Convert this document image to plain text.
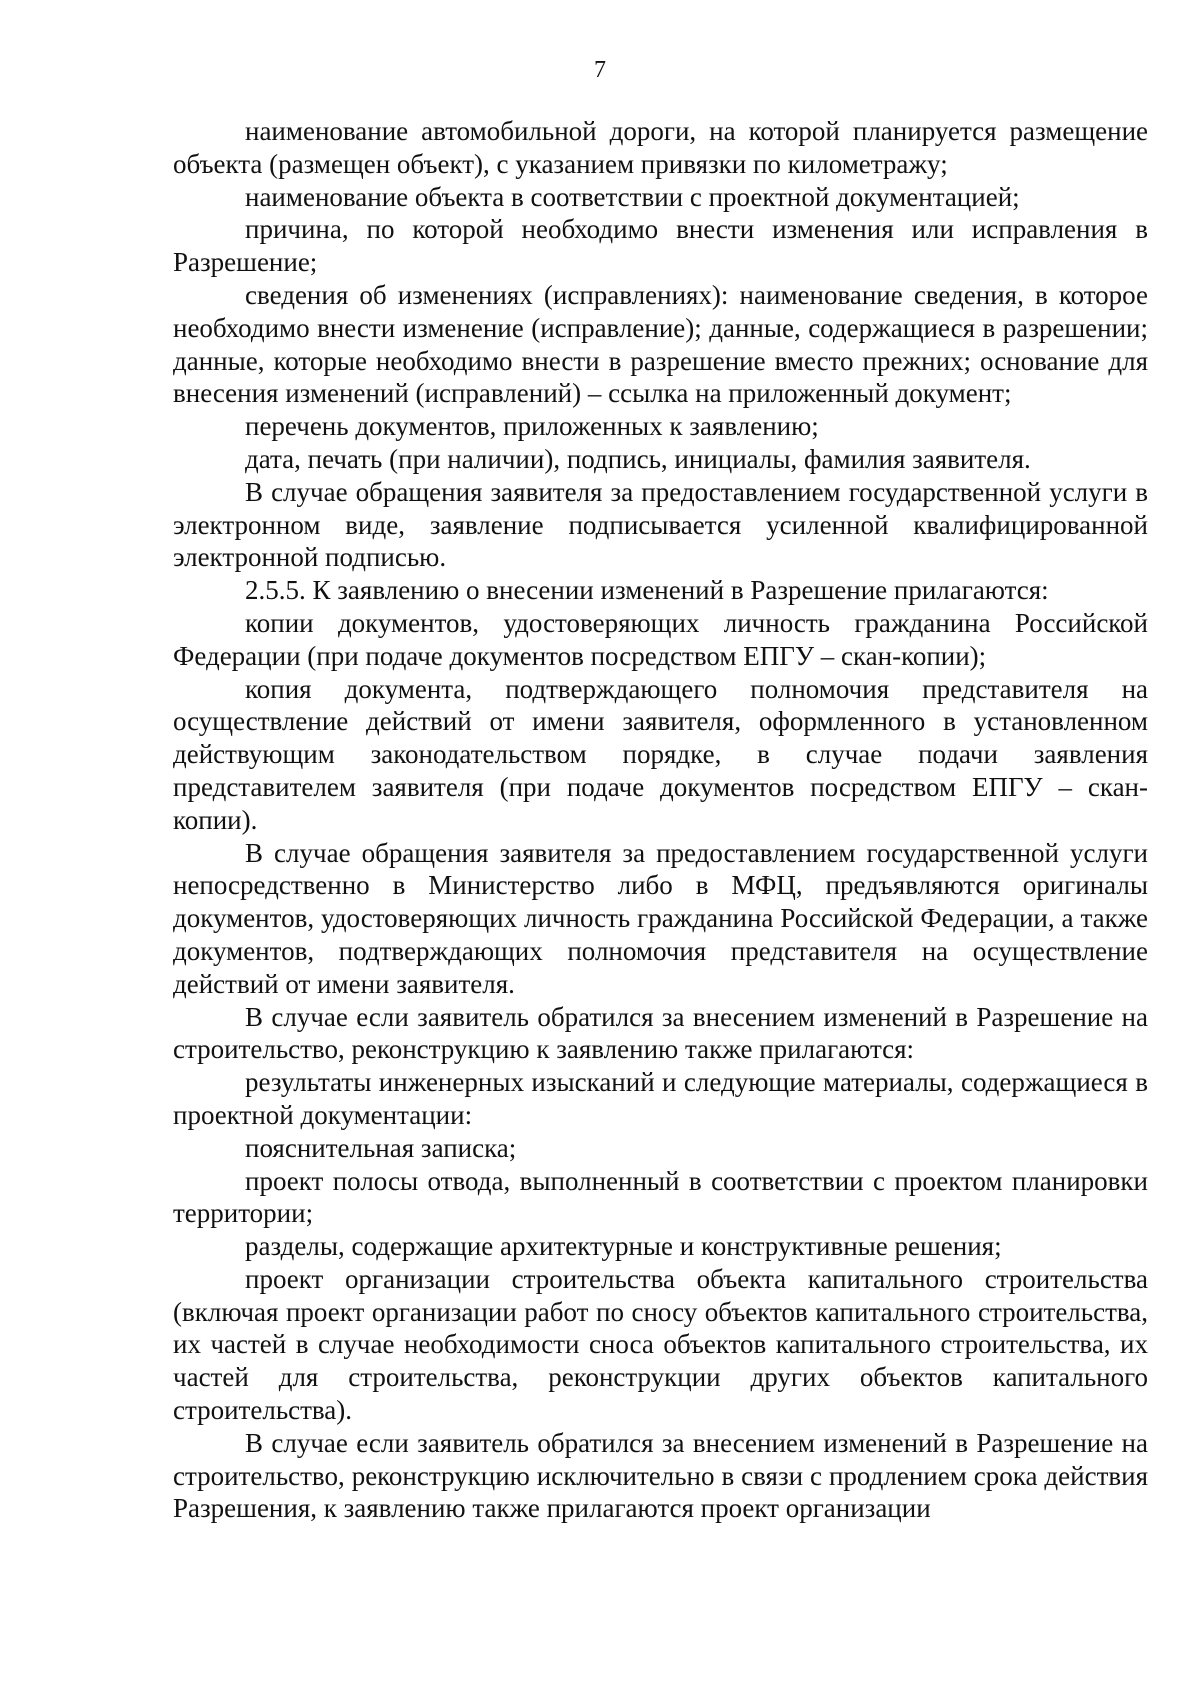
7

наименование автомобильной дороги, на которой планируется размещение объекта (размещен объект), с указанием привязки по километражу;

наименование объекта в соответствии с проектной документацией;

причина, по которой необходимо внести изменения или исправления в Разрешение;

сведения об изменениях (исправлениях): наименование сведения, в которое необходимо внести изменение (исправление); данные, содержащиеся в разрешении; данные, которые необходимо внести в разрешение вместо прежних; основание для внесения изменений (исправлений) – ссылка на приложенный документ;

перечень документов, приложенных к заявлению;

дата, печать (при наличии), подпись, инициалы, фамилия заявителя.

В случае обращения заявителя за предоставлением государственной услуги в электронном виде, заявление подписывается усиленной квалифицированной электронной подписью.

2.5.5. К заявлению о внесении изменений в Разрешение прилагаются:

копии документов, удостоверяющих личность гражданина Российской Федерации (при подаче документов посредством ЕПГУ – скан-копии);

копия документа, подтверждающего полномочия представителя на осуществление действий от имени заявителя, оформленного в установленном действующим законодательством порядке, в случае подачи заявления представителем заявителя (при подаче документов посредством ЕПГУ – скан-копии).

В случае обращения заявителя за предоставлением государственной услуги непосредственно в Министерство либо в МФЦ, предъявляются оригиналы документов, удостоверяющих личность гражданина Российской Федерации, а также документов, подтверждающих полномочия представителя на осуществление действий от имени заявителя.

В случае если заявитель обратился за внесением изменений в Разрешение на строительство, реконструкцию к заявлению также прилагаются:

результаты инженерных изысканий и следующие материалы, содержащиеся в проектной документации:

пояснительная записка;

проект полосы отвода, выполненный в соответствии с проектом планировки территории;

разделы, содержащие архитектурные и конструктивные решения;

проект организации строительства объекта капитального строительства (включая проект организации работ по сносу объектов капитального строительства, их частей в случае необходимости сноса объектов капитального строительства, их частей для строительства, реконструкции других объектов капитального строительства).

В случае если заявитель обратился за внесением изменений в Разрешение на строительство, реконструкцию исключительно в связи с продлением срока действия Разрешения, к заявлению также прилагаются проект организации
